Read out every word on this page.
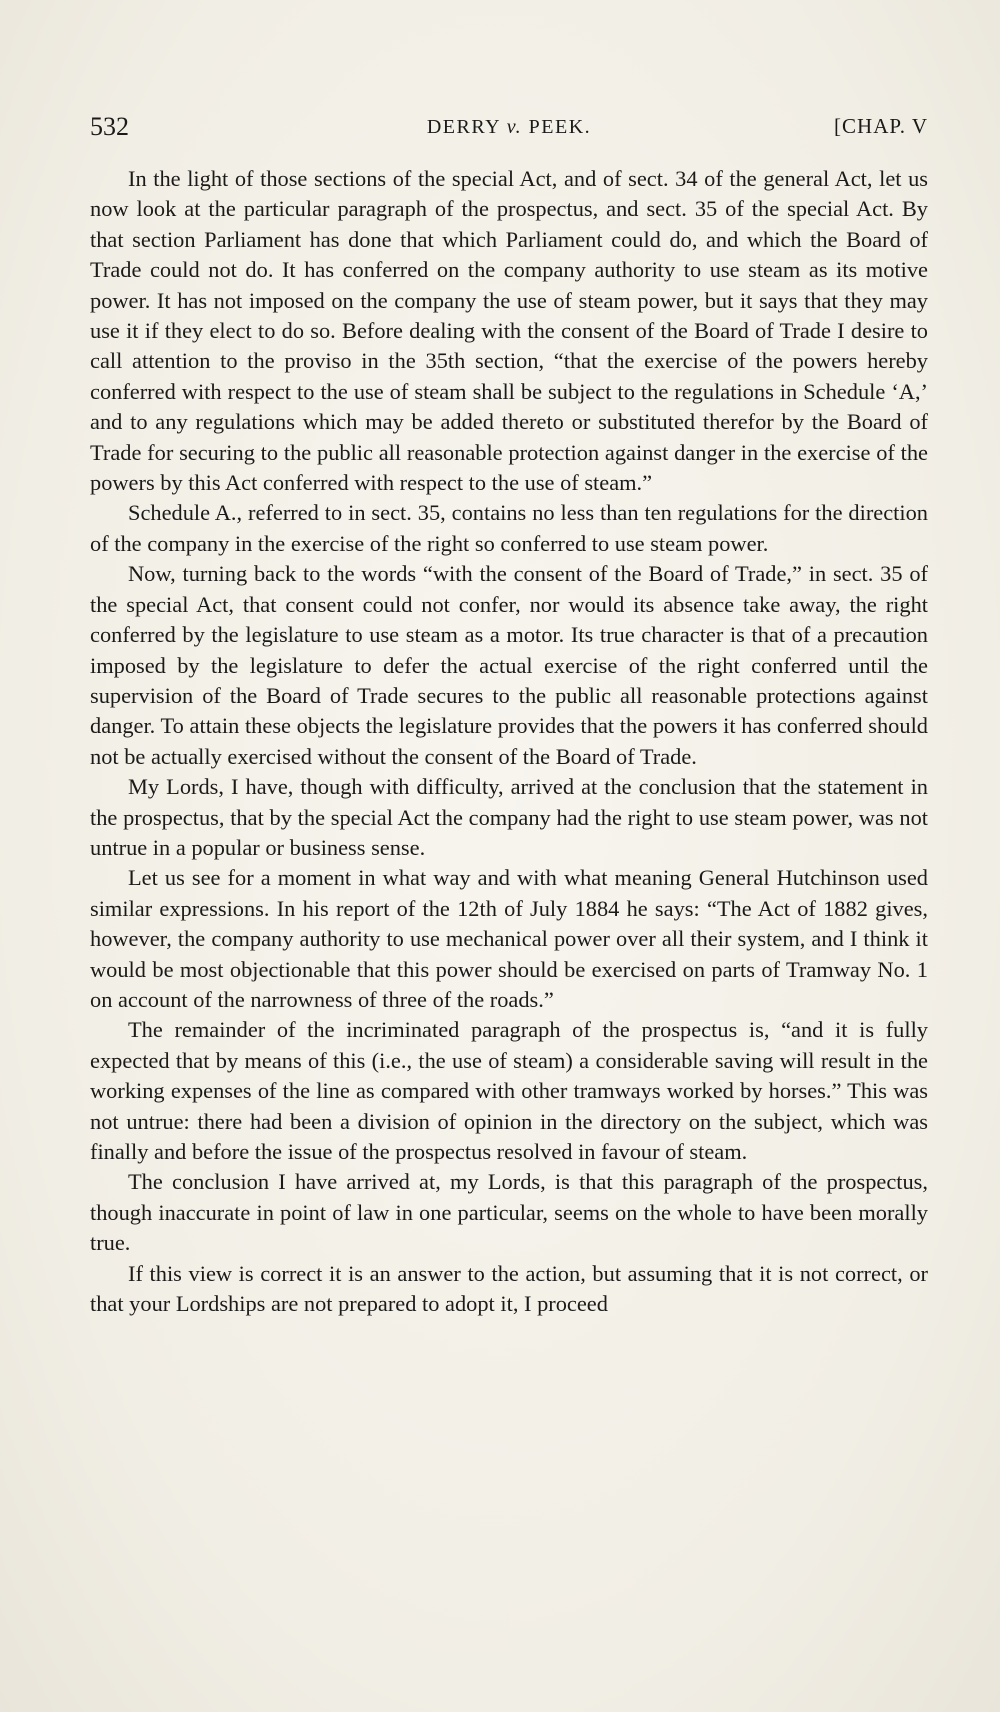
532	DERRY v. PEEK.	[CHAP. V

In the light of those sections of the special Act, and of sect. 34 of the general Act, let us now look at the particular paragraph of the prospectus, and sect. 35 of the special Act. By that section Parliament has done that which Parliament could do, and which the Board of Trade could not do. It has conferred on the company authority to use steam as its motive power. It has not imposed on the company the use of steam power, but it says that they may use it if they elect to do so. Before dealing with the consent of the Board of Trade I desire to call attention to the proviso in the 35th section, “that the exercise of the powers hereby conferred with respect to the use of steam shall be subject to the regulations in Schedule ‘A,’ and to any regulations which may be added thereto or substituted therefor by the Board of Trade for securing to the public all reasonable protection against danger in the exercise of the powers by this Act conferred with respect to the use of steam.”

Schedule A., referred to in sect. 35, contains no less than ten regulations for the direction of the company in the exercise of the right so conferred to use steam power.

Now, turning back to the words “with the consent of the Board of Trade,” in sect. 35 of the special Act, that consent could not confer, nor would its absence take away, the right conferred by the legislature to use steam as a motor. Its true character is that of a precaution imposed by the legislature to defer the actual exercise of the right conferred until the supervision of the Board of Trade secures to the public all reasonable protections against danger. To attain these objects the legislature provides that the powers it has conferred should not be actually exercised without the consent of the Board of Trade.

My Lords, I have, though with difficulty, arrived at the conclusion that the statement in the prospectus, that by the special Act the company had the right to use steam power, was not untrue in a popular or business sense.

Let us see for a moment in what way and with what meaning General Hutchinson used similar expressions. In his report of the 12th of July 1884 he says: “The Act of 1882 gives, however, the company authority to use mechanical power over all their system, and I think it would be most objectionable that this power should be exercised on parts of Tramway No. 1 on account of the narrowness of three of the roads.”

The remainder of the incriminated paragraph of the prospectus is, “and it is fully expected that by means of this (i.e., the use of steam) a considerable saving will result in the working expenses of the line as compared with other tramways worked by horses.” This was not untrue: there had been a division of opinion in the directory on the subject, which was finally and before the issue of the prospectus resolved in favour of steam.

The conclusion I have arrived at, my Lords, is that this paragraph of the prospectus, though inaccurate in point of law in one particular, seems on the whole to have been morally true.

If this view is correct it is an answer to the action, but assuming that it is not correct, or that your Lordships are not prepared to adopt it, I proceed
